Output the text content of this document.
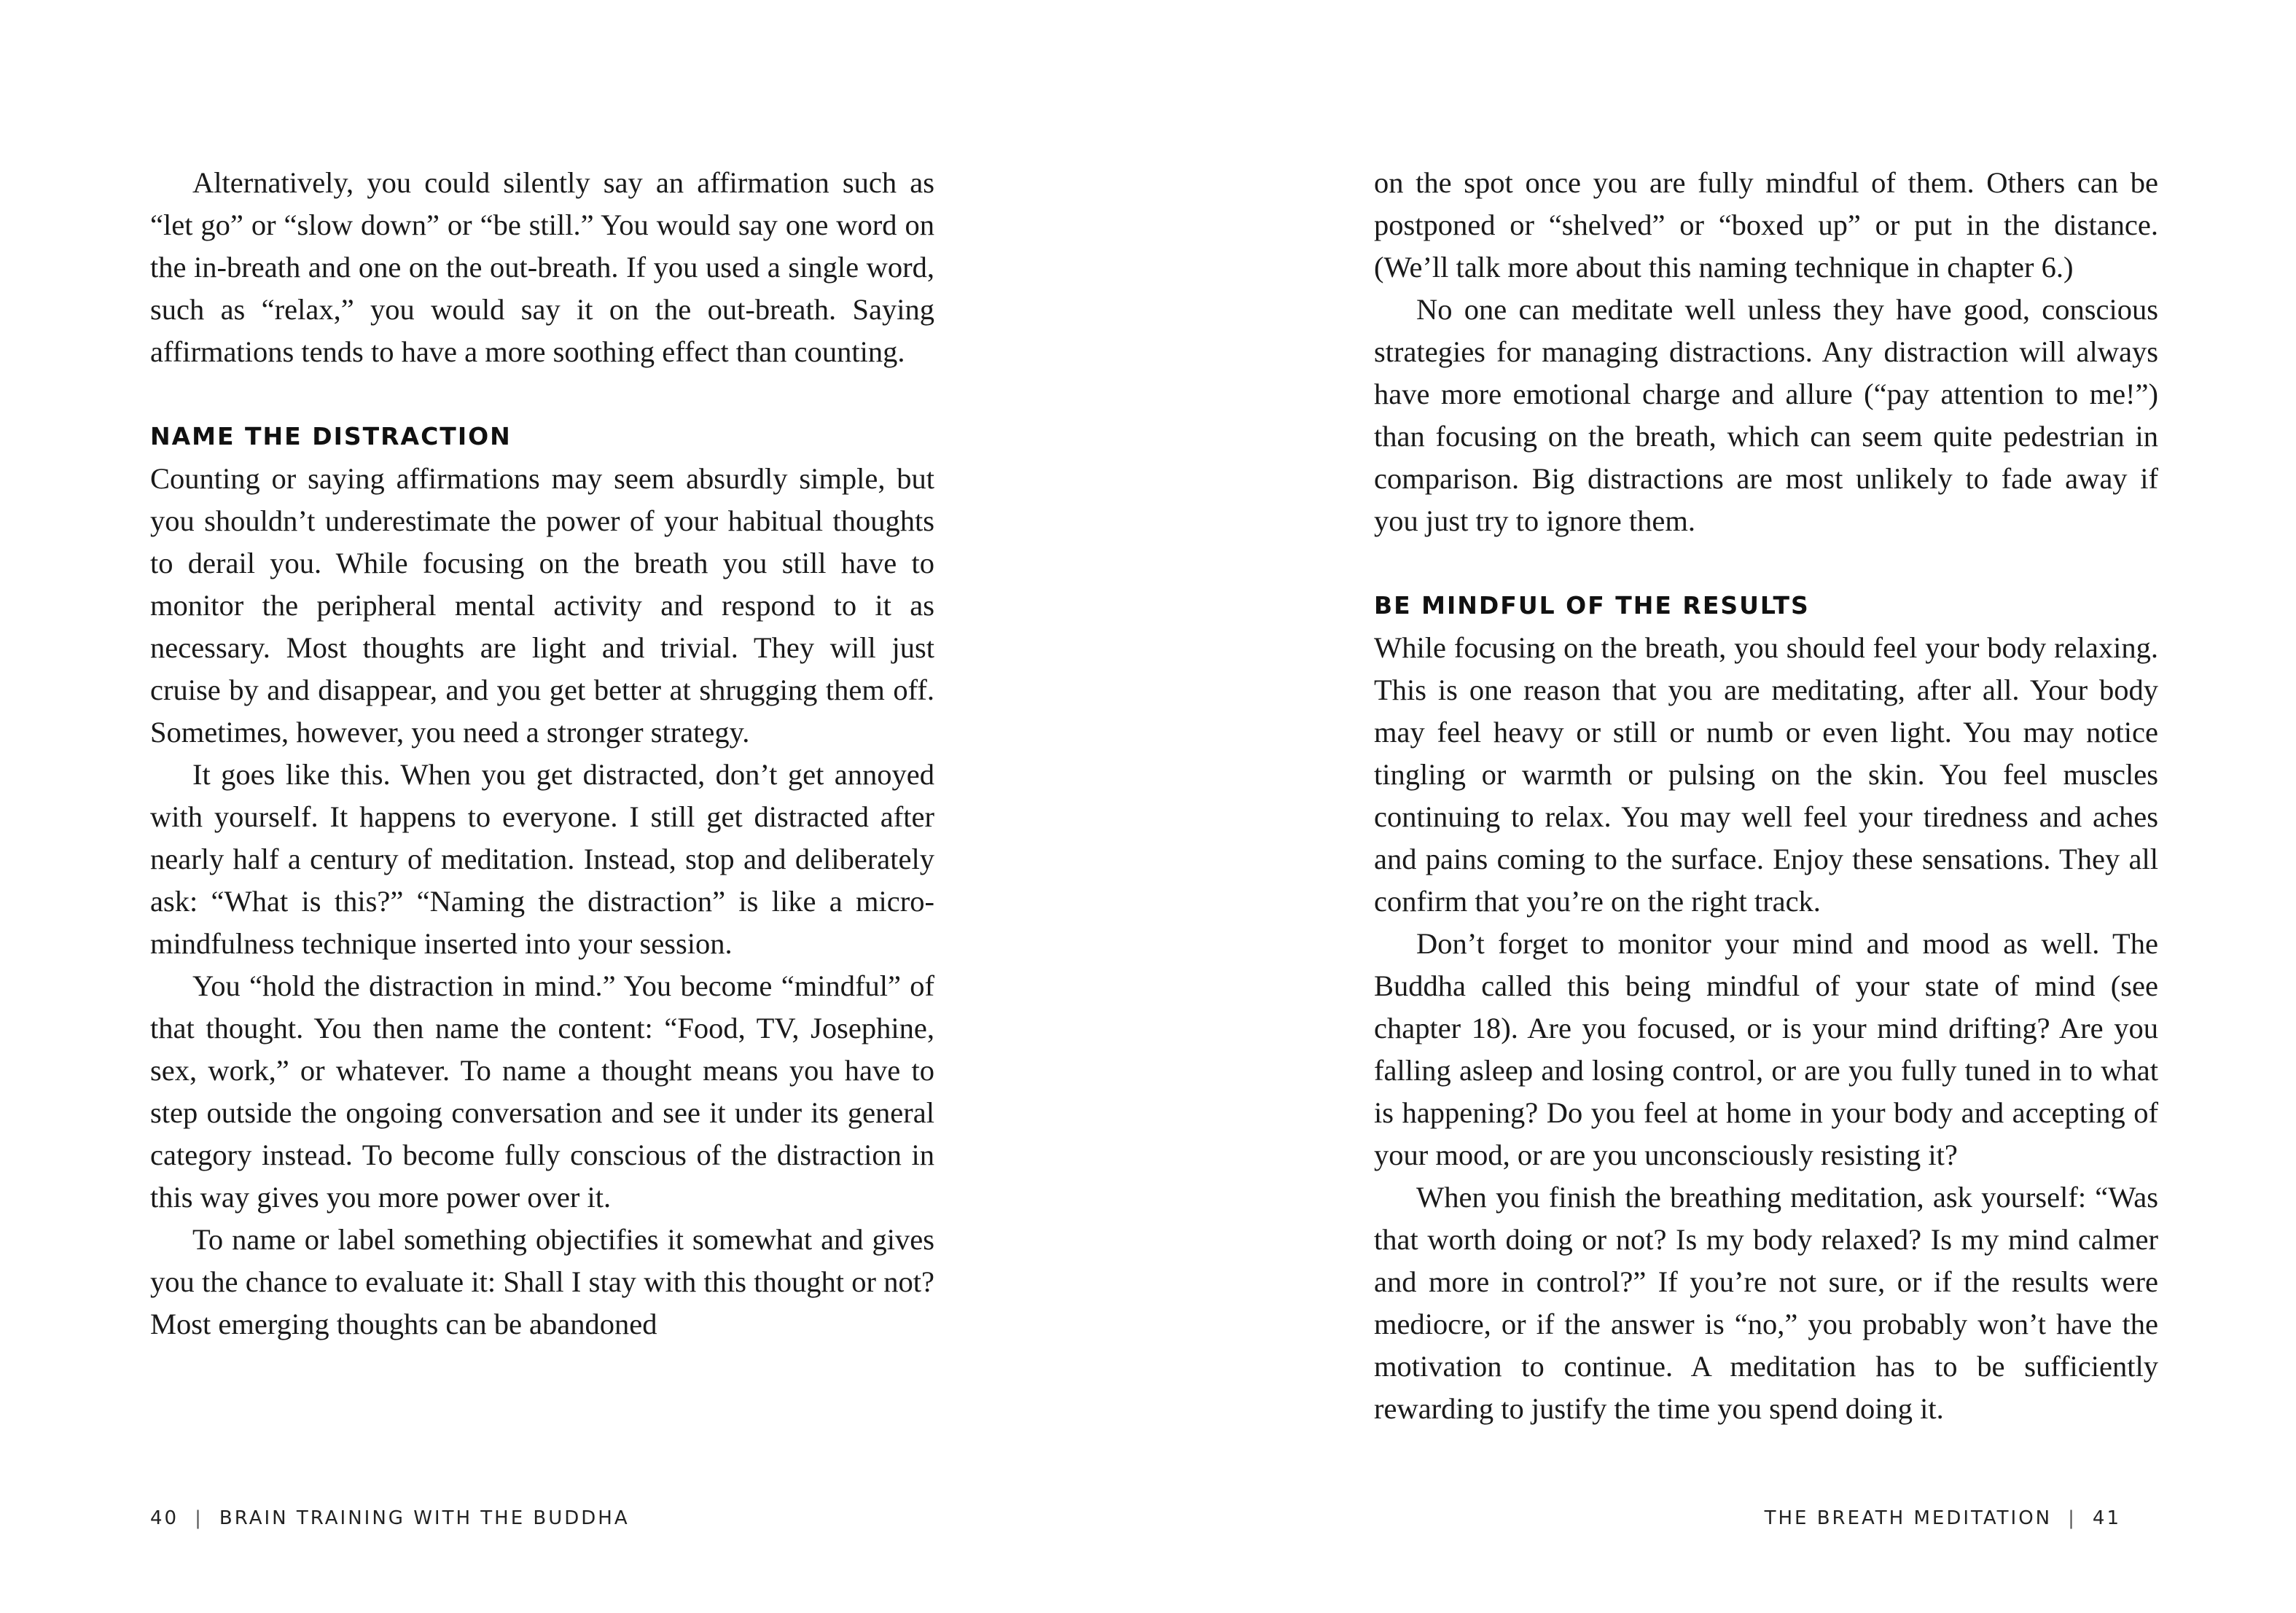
Alternatively, you could silently say an affirmation such as “let go” or “slow down” or “be still.” You would say one word on the in-breath and one on the out-breath. If you used a single word, such as “relax,” you would say it on the out-breath. Saying affirmations tends to have a more soothing effect than counting.

NAME THE DISTRACTION

Counting or saying affirmations may seem absurdly simple, but you shouldn’t underestimate the power of your habitual thoughts to derail you. While focusing on the breath you still have to monitor the peripheral mental activity and respond to it as necessary. Most thoughts are light and trivial. They will just cruise by and disappear, and you get better at shrugging them off. Sometimes, however, you need a stronger strategy.

It goes like this. When you get distracted, don’t get annoyed with yourself. It happens to everyone. I still get distracted after nearly half a century of meditation. Instead, stop and deliberately ask: “What is this?” “Naming the distraction” is like a micro-mindfulness technique inserted into your session.

You “hold the distraction in mind.” You become “mindful” of that thought. You then name the content: “Food, TV, Josephine, sex, work,” or whatever. To name a thought means you have to step outside the ongoing conversation and see it under its general category instead. To become fully conscious of the distraction in this way gives you more power over it.

To name or label something objectifies it somewhat and gives you the chance to evaluate it: Shall I stay with this thought or not? Most emerging thoughts can be abandoned

40 | BRAIN TRAINING WITH THE BUDDHA

on the spot once you are fully mindful of them. Others can be postponed or “shelved” or “boxed up” or put in the distance. (We’ll talk more about this naming technique in chapter 6.)

No one can meditate well unless they have good, conscious strategies for managing distractions. Any distraction will always have more emotional charge and allure (“pay attention to me!”) than focusing on the breath, which can seem quite pedestrian in comparison. Big distractions are most unlikely to fade away if you just try to ignore them.

BE MINDFUL OF THE RESULTS

While focusing on the breath, you should feel your body relaxing. This is one reason that you are meditating, after all. Your body may feel heavy or still or numb or even light. You may notice tingling or warmth or pulsing on the skin. You feel muscles continuing to relax. You may well feel your tiredness and aches and pains coming to the surface. Enjoy these sensations. They all confirm that you’re on the right track.

Don’t forget to monitor your mind and mood as well. The Buddha called this being mindful of your state of mind (see chapter 18). Are you focused, or is your mind drifting? Are you falling asleep and losing control, or are you fully tuned in to what is happening? Do you feel at home in your body and accepting of your mood, or are you unconsciously resisting it?

When you finish the breathing meditation, ask yourself: “Was that worth doing or not? Is my body relaxed? Is my mind calmer and more in control?” If you’re not sure, or if the results were mediocre, or if the answer is “no,” you probably won’t have the motivation to continue. A meditation has to be sufficiently rewarding to justify the time you spend doing it.

THE BREATH MEDITATION | 41
